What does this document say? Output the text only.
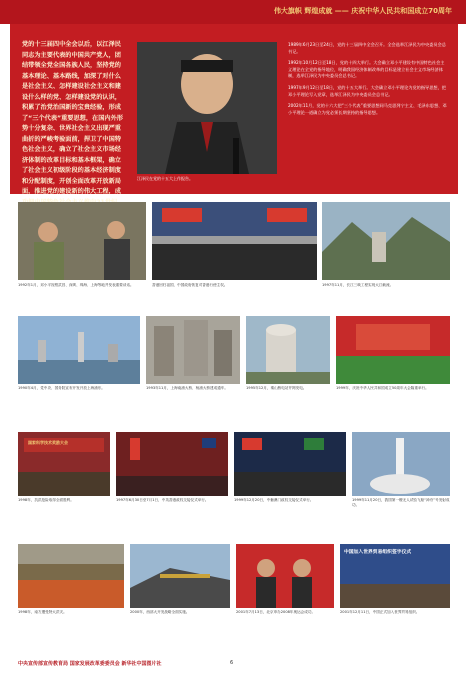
伟大旗帜 辉煌成就 —— 庆祝中华人民共和国成立70周年
党的十三届四中全会以后，以江泽民同志为主要代表的中国共产党人，团结带领全党全国各族人民，坚持党的基本理论、基本路线，加深了对什么是社会主义、怎样建设社会主义和建设什么样的党、怎样建设党的认识，积累了治党治国新的宝贵经验，形成了“三个代表”重要思想，在国内外形势十分复杂、世界社会主义出现严重曲折的严峻考验面前，捍卫了中国特色社会主义，确立了社会主义市场经济体制的改革目标和基本框架，确立了社会主义初级阶段的基本经济制度和分配制度，开创全面改革开放新局面，推进党的建设新的伟大工程，成
江泽民在党的十五大上作报告。

1989年6月23日至24日，党的十三届四中全会召开。全会选举江泽民为中央委员会总书记。

1992年10月12日至18日，党的十四大举行。大会确立邓小平建设有中国特色社会主义理论在全党的指导地位，明确我国经济体制改革的目标是建立社会主义市场经济体制，选举江泽民为中央委员会总书记。

1997年9月12日至18日，党的十五大举行。大会确立邓小平理论为党的指导思想，把邓小平理论写入党章，选举江泽民为中央委员会总书记。

2002年11月，党的十六大把“三个代表”重要思想同马克思列宁主义、毛泽东思想、邓小平理论一道确立为党必须长期坚持的指导思想。

1992年1月，邓小平视察武昌、深圳、珠海、上海等地并发表重要谈话。	香港回归祖国，中国政府恢复对香港行使主权。	1997年11月，长江三峡工程实现大江截流。
1990年4月，党中央、国务院宣布开发开放上海浦东。	1993年11月，上海南浦大桥、杨浦大桥建成通车。	1995年12月，秦山核电站并网发电。	1999年，庆祝中华人民共和国成立50周年大会隆重举行。
国家科学技术奖励大会
1998年，抗洪抢险取得全面胜利。	1997年6月30日至7月1日，中英香港政权交接仪式举行。	1999年12月20日，中葡澳门政权交接仪式举行。	1999年11月20日，我国第一艘无人试验飞船“神舟”号发射成功。
1998年，南方遭受特大洪灾。	2000年，西部大开发战略全面实施。	2001年7月13日，北京申办2008年奥运会成功。
中国加入世界贸易组织签字仪式
2001年12月11日，中国正式加入世界贸易组织。
中央宣传部宣传教育局 国家发展改革委委员会 新华社中国图片社	6
